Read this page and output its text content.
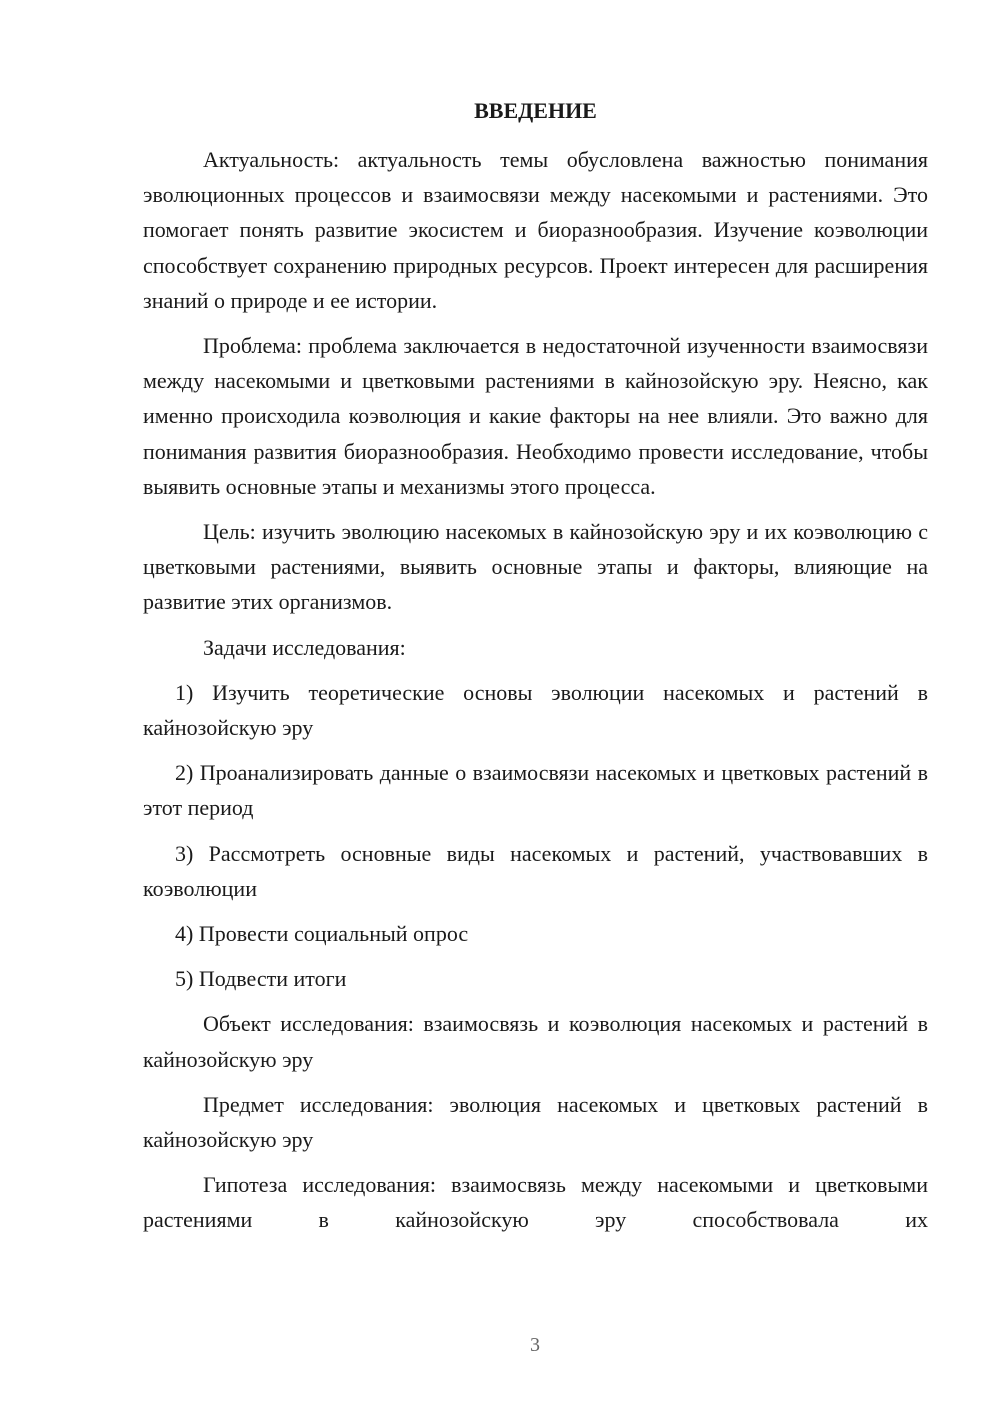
ВВЕДЕНИЕ

Актуальность: актуальность темы обусловлена важностью понимания эволюционных процессов и взаимосвязи между насекомыми и растениями. Это помогает понять развитие экосистем и биоразнообразия. Изучение коэволюции способствует сохранению природных ресурсов. Проект интересен для расширения знаний о природе и ее истории.

Проблема: проблема заключается в недостаточной изученности взаимосвязи между насекомыми и цветковыми растениями в кайнозойскую эру. Неясно, как именно происходила коэволюция и какие факторы на нее влияли. Это важно для понимания развития биоразнообразия. Необходимо провести исследование, чтобы выявить основные этапы и механизмы этого процесса.

Цель: изучить эволюцию насекомых в кайнозойскую эру и их коэволюцию с цветковыми растениями, выявить основные этапы и факторы, влияющие на развитие этих организмов.

Задачи исследования:

1) Изучить теоретические основы эволюции насекомых и растений в кайнозойскую эру

2) Проанализировать данные о взаимосвязи насекомых и цветковых растений в этот период

3) Рассмотреть основные виды насекомых и растений, участвовавших в коэволюции

4) Провести социальный опрос

5) Подвести итоги

Объект исследования: взаимосвязь и коэволюция насекомых и растений в кайнозойскую эру

Предмет исследования: эволюция насекомых и цветковых растений в кайнозойскую эру

Гипотеза исследования: взаимосвязь между насекомыми и цветковыми растениями в кайнозойскую эру способствовала их

3
